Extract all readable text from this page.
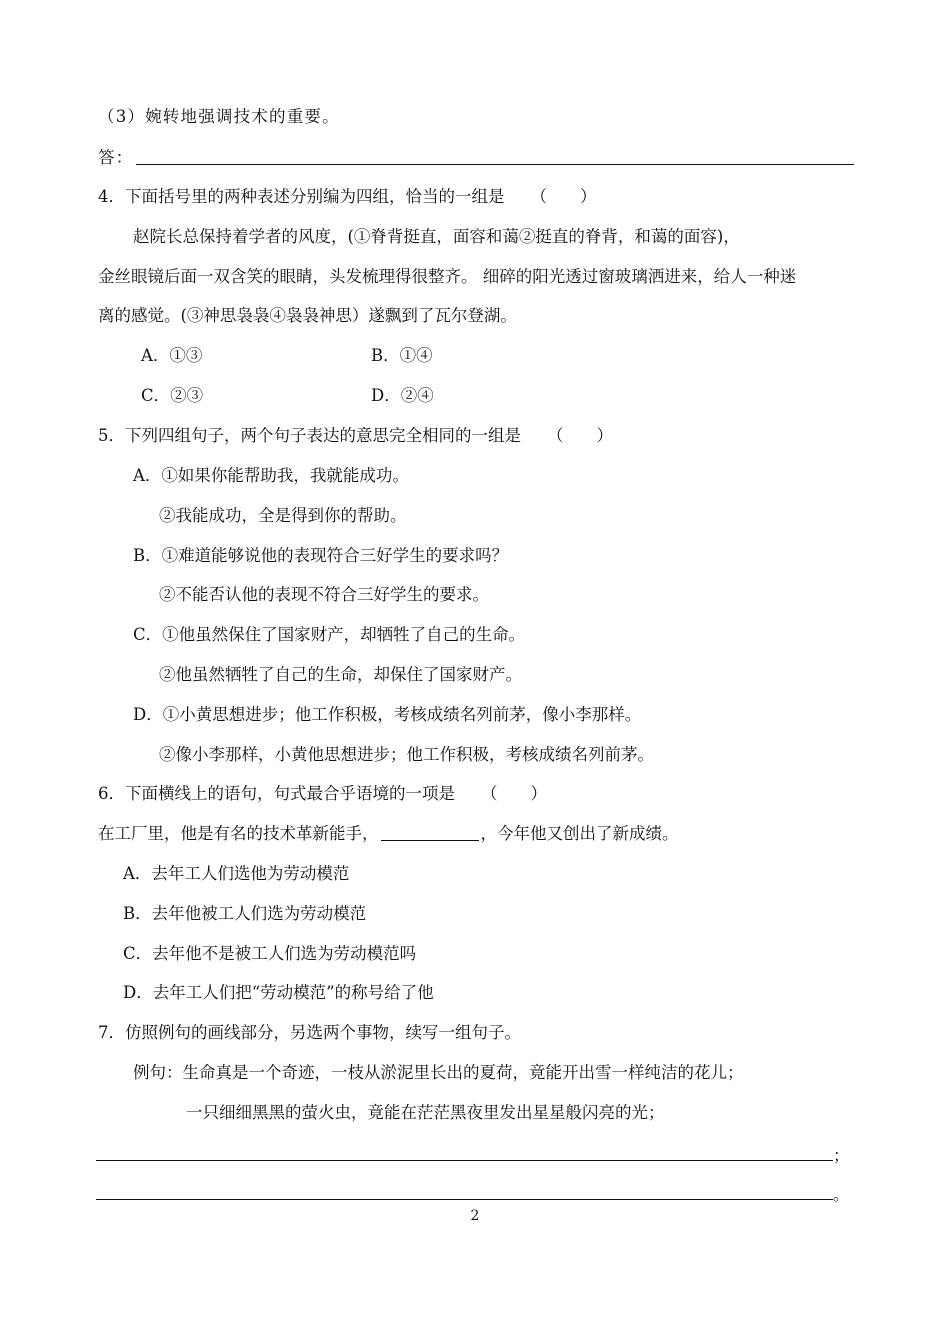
（3）婉转地强调技术的重要。
答：
4．下面括号里的两种表述分别编为四组，恰当的一组是 （　　）
赵院长总保持着学者的风度，(①脊背挺直，面容和蔼②挺直的脊背，和蔼的面容)，
金丝眼镜后面一双含笑的眼睛，头发梳理得很整齐。 细碎的阳光透过窗玻璃洒进来，给人一种迷
离的感觉。(③神思袅袅④袅袅神思）遂飘到了瓦尔登湖。
A．①③	B．①④
C．②③	D．②④
5．下列四组句子，两个句子表达的意思完全相同的一组是 （　　）
A．①如果你能帮助我，我就能成功。
②我能成功，全是得到你的帮助。
B．①难道能够说他的表现符合三好学生的要求吗？
②不能否认他的表现不符合三好学生的要求。
C．①他虽然保住了国家财产，却牺牲了自己的生命。
②他虽然牺牲了自己的生命，却保住了国家财产。
D．①小黄思想进步；他工作积极，考核成绩名列前茅，像小李那样。
②像小李那样，小黄他思想进步；他工作积极，考核成绩名列前茅。
6．下面横线上的语句，句式最合乎语境的一项是 （　　）
在工厂里，他是有名的技术革新能手，	，今年他又创出了新成绩。
A．去年工人们选他为劳动模范
B．去年他被工人们选为劳动模范
C．去年他不是被工人们选为劳动模范吗
D．去年工人们把“劳动模范”的称号给了他
7．仿照例句的画线部分，另选两个事物，续写一组句子。
例句：生命真是一个奇迹，一枝从淤泥里长出的夏荷，竟能开出雪一样纯洁的花儿；
一只细细黑黑的萤火虫，竟能在茫茫黑夜里发出星星般闪亮的光；
；
。
2
